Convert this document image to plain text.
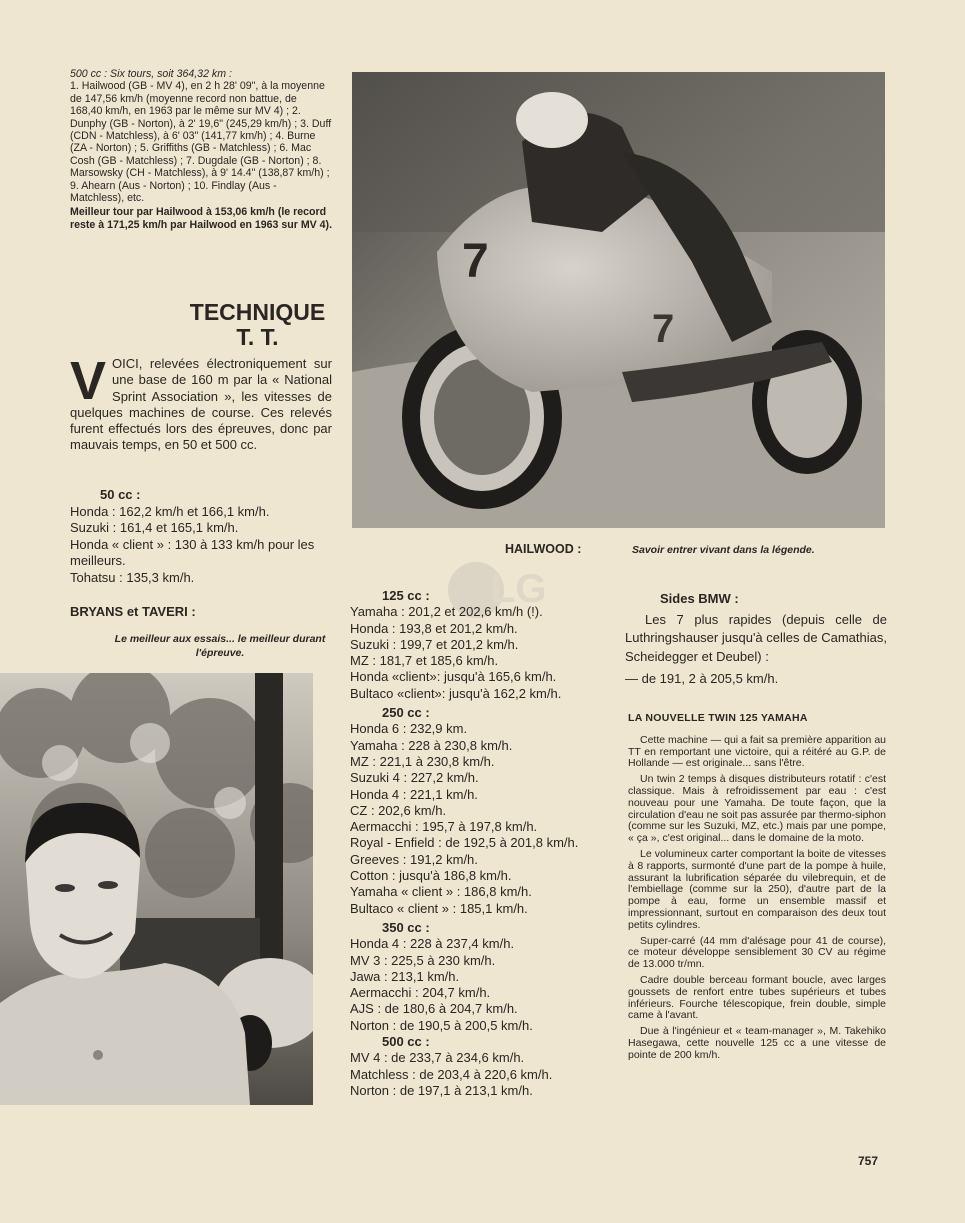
500 cc : Six tours, soit 364,32 km :

1. Hailwood (GB - MV 4), en 2 h 28' 09", à la moyenne de 147,56 km/h (moyenne record non battue, de 168,40 km/h, en 1963 par le même sur MV 4) ; 2. Dunphy (GB - Norton), à 2' 19,6" (245,29 km/h) ; 3. Duff (CDN - Matchless), à 6' 03" (141,77 km/h) ; 4. Burne (ZA - Norton) ; 5. Griffiths (GB - Matchless) ; 6. Mac Cosh (GB - Matchless) ; 7. Dugdale (GB - Norton) ; 8. Marsowsky (CH - Matchless), à 9' 14.4" (138,87 km/h) ; 9. Ahearn (Aus - Norton) ; 10. Findlay (Aus - Matchless), etc.

Meilleur tour par Hailwood à 153,06 km/h (le record reste à 171,25 km/h par Hailwood en 1963 sur MV 4).

TECHNIQUE
T. T.
VOICI, relevées électroniquement sur une base de 160 m par la « National Sprint Association », les vitesses de quelques machines de course. Ces relevés furent effectués lors des épreuves, donc par mauvais temps, en 50 et 500 cc.

50 cc :

Honda : 162,2 km/h et 166,1 km/h.

Suzuki : 161,4 et 165,1 km/h.

Honda « client » : 130 à 133 km/h pour les meilleurs.

Tohatsu : 135,3 km/h.

7
7
HAILWOOD :	Savoir entrer vivant dans la légende.
BRYANS et TAVERI :
Le meilleur aux essais... le meilleur durant l'épreuve.
LG

125 cc :

Yamaha : 201,2 et 202,6 km/h (!).

Honda : 193,8 et 201,2 km/h.

Suzuki : 199,7 et 201,2 km/h.

MZ : 181,7 et 185,6 km/h.

Honda «client»: jusqu'à 165,6 km/h.

Bultaco «client»: jusqu'à 162,2 km/h.

250 cc :

Honda 6 : 232,9 km.

Yamaha : 228 à 230,8 km/h.

MZ : 221,1 à 230,8 km/h.

Suzuki 4 : 227,2 km/h.

Honda 4 : 221,1 km/h.

CZ : 202,6 km/h.

Aermacchi : 195,7 à 197,8 km/h.

Royal - Enfield : de 192,5 à 201,8 km/h.

Greeves : 191,2 km/h.

Cotton : jusqu'à 186,8 km/h.

Yamaha « client » : 186,8 km/h.

Bultaco « client » : 185,1 km/h.

350 cc :

Honda 4 : 228 à 237,4 km/h.

MV 3 : 225,5 à 230 km/h.

Jawa : 213,1 km/h.

Aermacchi : 204,7 km/h.

AJS : de 180,6 à 204,7 km/h.

Norton : de 190,5 à 200,5 km/h.

500 cc :

MV 4 : de 233,7 à 234,6 km/h.

Matchless : de 203,4 à 220,6 km/h.

Norton : de 197,1 à 213,1 km/h.

Sides BMW :

Les 7 plus rapides (depuis celle de Luthringshauser jusqu'à celles de Camathias, Scheidegger et Deubel) :

— de 191, 2 à 205,5 km/h.

LA NOUVELLE TWIN 125 YAMAHA

Cette machine — qui a fait sa première apparition au TT en remportant une victoire, qui a réitéré au G.P. de Hollande — est originale... sans l'être.

Un twin 2 temps à disques distributeurs rotatif : c'est classique. Mais à refroidissement par eau : c'est nouveau pour une Yamaha. De toute façon, que la circulation d'eau ne soit pas assurée par thermo-siphon (comme sur les Suzuki, MZ, etc.) mais par une pompe, « ça », c'est original... dans le domaine de la moto.

Le volumineux carter comportant la boite de vitesses à 8 rapports, surmonté d'une part de la pompe à huile, assurant la lubrification séparée du vilebrequin, et de l'embiellage (comme sur la 250), d'autre part de la pompe à eau, forme un ensemble massif et impressionnant, surtout en comparaison des deux tout petits cylindres.

Super-carré (44 mm d'alésage pour 41 de course), ce moteur développe sensiblement 30 CV au régime de 13.000 tr/mn.

Cadre double berceau formant boucle, avec larges goussets de renfort entre tubes supérieurs et tubes inférieurs. Fourche télescopique, frein double, simple came à l'avant.

Due à l'ingénieur et « team-manager », M. Takehiko Hasegawa, cette nouvelle 125 cc a une vitesse de pointe de 200 km/h.

757
